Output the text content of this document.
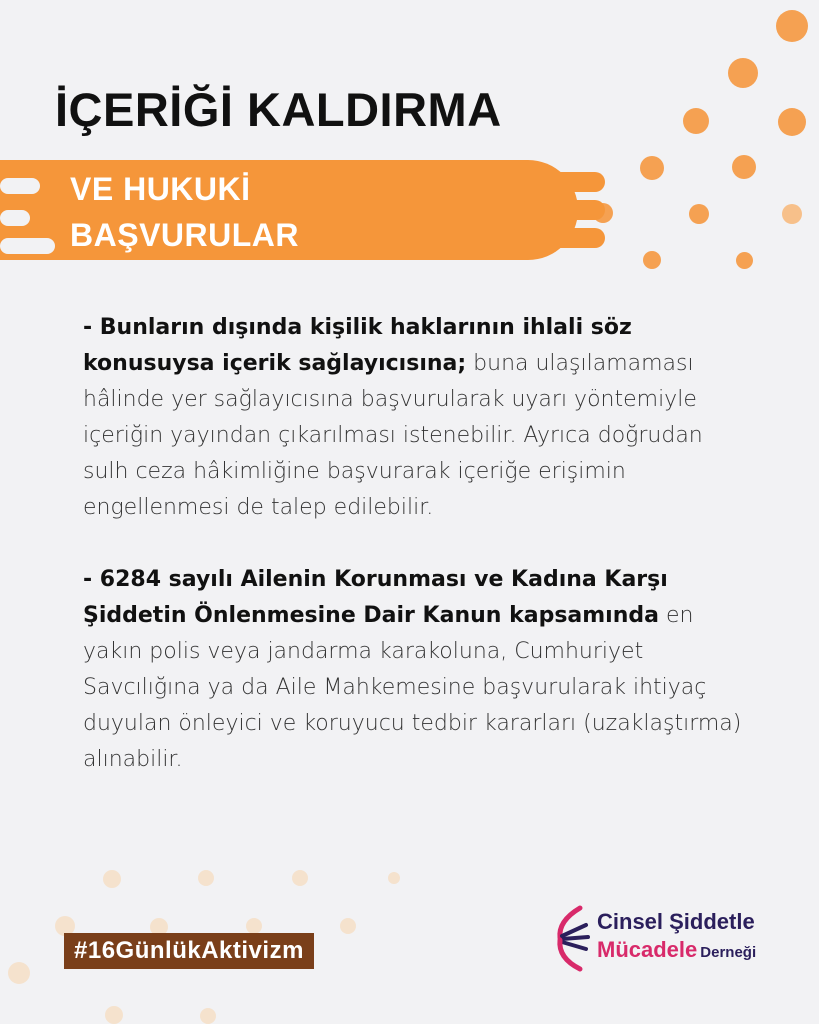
İÇERİĞİ KALDIRMA
VE HUKUKİ
BAŞVURULAR

- Bunların dışında kişilik haklarının ihlali söz konusuysa içerik sağlayıcısına; buna ulaşılamaması hâlinde yer sağlayıcısına başvurularak uyarı yöntemiyle içeriğin yayından çıkarılması istenebilir. Ayrıca doğrudan sulh ceza hâkimliğine başvurarak içeriğe erişimin engellenmesi de talep edilebilir.

- 6284 sayılı Ailenin Korunması ve Kadına Karşı Şiddetin Önlenmesine Dair Kanun kapsamında en yakın polis veya jandarma karakoluna, Cumhuriyet Savcılığına ya da Aile Mahkemesine başvurularak ihtiyaç duyulan önleyici ve koruyucu tedbir kararları (uzaklaştırma) alınabilir.

#16GünlükAktivizm
Cinsel Şiddetle
Mücadele Derneği
